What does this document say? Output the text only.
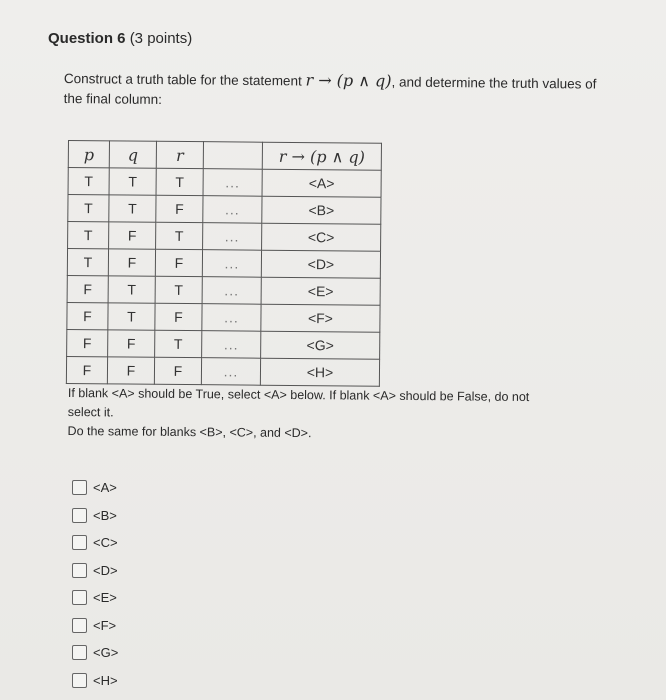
Question 6 (3 points)
Construct a truth table for the statement r → (p ∧ q), and determine the truth values of the final column:
p	q	r		r → (p ∧ q)
T	T	T	...	<A>
T	T	F	...	<B>
T	F	T	...	<C>
T	F	F	...	<D>
F	T	T	...	<E>
F	T	F	...	<F>
F	F	T	...	<G>
F	F	F	...	<H>
If blank <A> should be True, select <A> below. If blank <A> should be False, do not select it.
Do the same for blanks <B>, <C>, and <D>.
<A>
<B>
<C>
<D>
<E>
<F>
<G>
<H>
